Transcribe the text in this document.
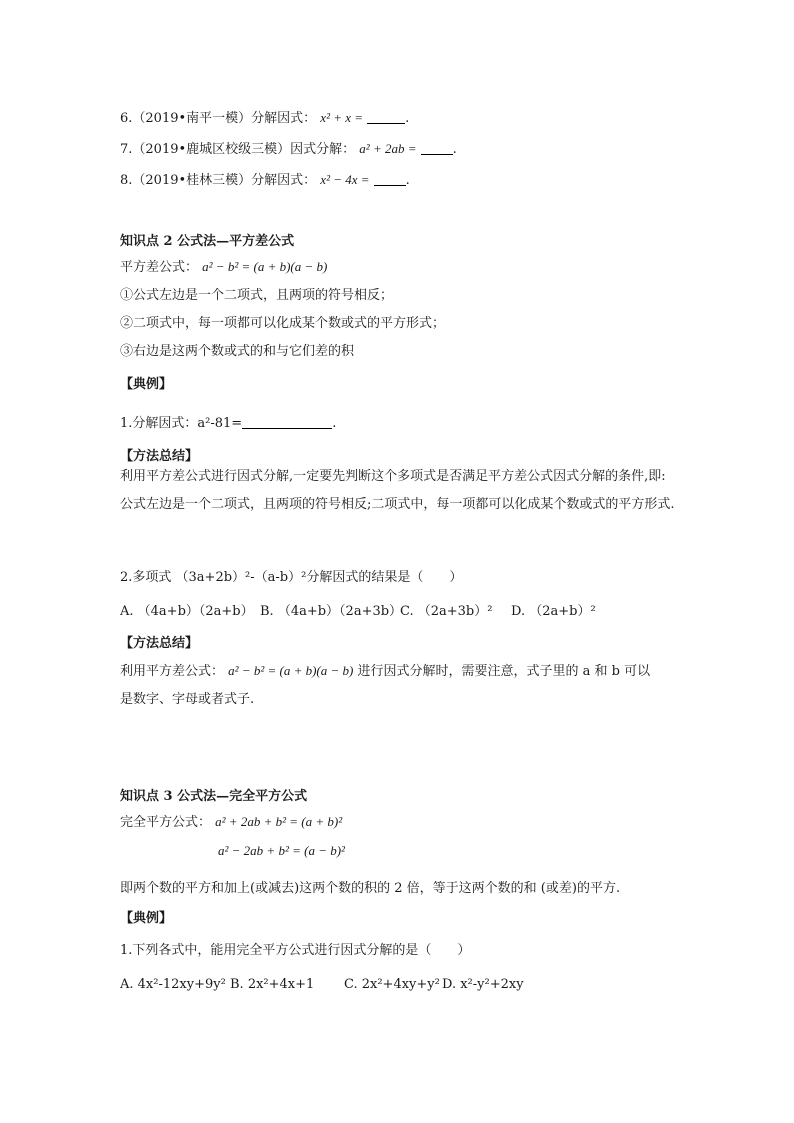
6.（2019•南平一模）分解因式： x² + x =	.
7.（2019•鹿城区校级三模）因式分解： a² + 2ab =	.
8.（2019•桂林三模）分解因式： x² − 4x =	.
知识点 2 公式法—平方差公式
平方差公式： a² − b² = (a + b)(a − b)
①公式左边是一个二项式，且两项的符号相反；
②二项式中，每一项都可以化成某个数或式的平方形式；
③右边是这两个数或式的和与它们差的积
【典例】
1.分解因式：a²-81=	.
【方法总结】
利用平方差公式进行因式分解,一定要先判断这个多项式是否满足平方差公式因式分解的条件,即: 公式左边是一个二项式，且两项的符号相反;二项式中，每一项都可以化成某个数或式的平方形式.
2.多项式 （3a+2b）²-（a-b）²分解因式的结果是（　　）
A. （4a+b）（2a+b） B. （4a+b）（2a+3b）
C. （2a+3b）² D. （2a+b）²
【方法总结】
利用平方差公式： a² − b² = (a + b)(a − b) 进行因式分解时，需要注意，式子里的 a 和 b 可以
是数字、字母或者式子.
知识点 3 公式法—完全平方公式
完全平方公式： a² + 2ab + b² = (a + b)²
a² − 2ab + b² = (a − b)²
即两个数的平方和加上(或减去)这两个数的积的 2 倍，等于这两个数的和 (或差)的平方.
【典例】
1.下列各式中，能用完全平方公式进行因式分解的是（　　）
A. 4x²-12xy+9y² B. 2x²+4x+1 C. 2x²+4xy+y² D. x²-y²+2xy
